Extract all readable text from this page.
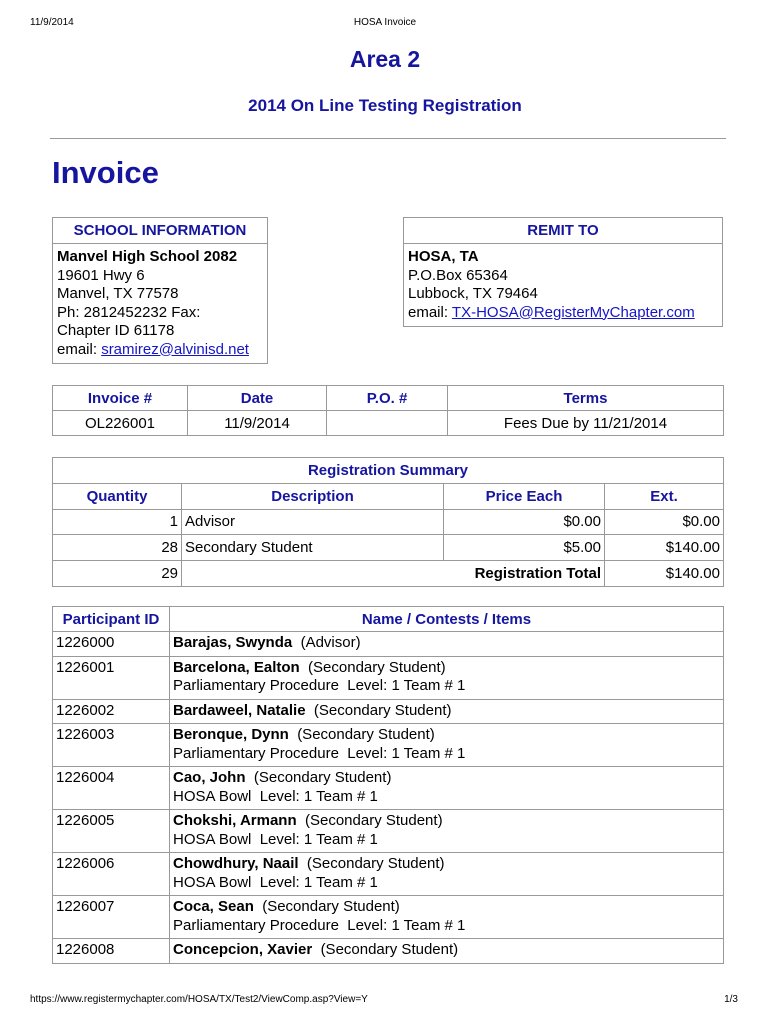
11/9/2014	HOSA Invoice
Area 2
2014 On Line Testing Registration
Invoice
SCHOOL INFORMATION
Manvel High School 2082
19601 Hwy 6
Manvel, TX 77578
Ph: 2812452232 Fax:
Chapter ID 61178
email: sramirez@alvinisd.net
REMIT TO
HOSA, TA
P.O.Box 65364
Lubbock, TX 79464
email: TX-HOSA@RegisterMyChapter.com
Invoice #	Date	P.O. #	Terms
OL226001	11/9/2014		Fees Due by 11/21/2014
Registration Summary			
Quantity	Description	Price Each	Ext.
1	Advisor	$0.00	$0.00
28	Secondary Student	$5.00	$140.00
29	Registration Total		$140.00
Participant ID	Name / Contests / Items
1226000	Barajas, Swynda (Advisor)

1226001	Barcelona, Ealton (Secondary Student)
Parliamentary Procedure  Level: 1 Team # 1

1226002	Bardaweel, Natalie (Secondary Student)

1226003	Beronque, Dynn (Secondary Student)
Parliamentary Procedure  Level: 1 Team # 1

1226004	Cao, John (Secondary Student)
HOSA Bowl  Level: 1 Team # 1

1226005	Chokshi, Armann (Secondary Student)
HOSA Bowl  Level: 1 Team # 1

1226006	Chowdhury, Naail (Secondary Student)
HOSA Bowl  Level: 1 Team # 1

1226007	Coca, Sean (Secondary Student)
Parliamentary Procedure  Level: 1 Team # 1

1226008	Concepcion, Xavier (Secondary Student)
https://www.registermychapter.com/HOSA/TX/Test2/ViewComp.asp?View=Y	1/3
